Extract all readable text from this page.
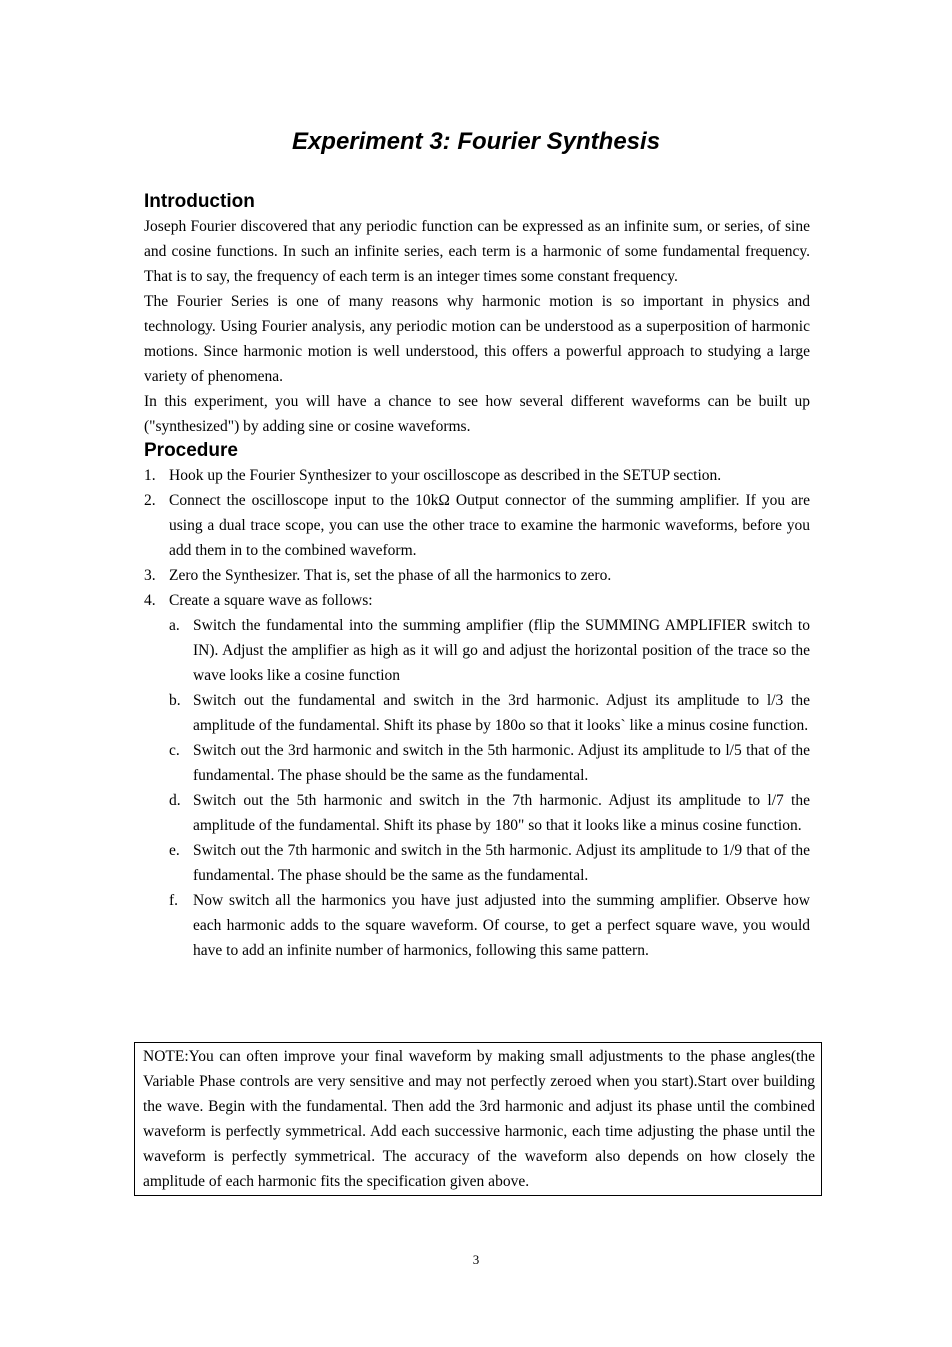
Experiment 3: Fourier Synthesis
Introduction

Joseph Fourier discovered that any periodic function can be expressed as an infinite sum, or series, of sine and cosine functions. In such an infinite series, each term is a harmonic of some fundamental frequency. That is to say, the frequency of each term is an integer times some constant frequency.

The Fourier Series is one of many reasons why harmonic motion is so important in physics and technology. Using Fourier analysis, any periodic motion can be understood as a superposition of harmonic motions. Since harmonic motion is well understood, this offers a powerful approach to studying a large variety of phenomena.

In this experiment, you will have a chance to see how several different waveforms can be built up ("synthesized") by adding sine or cosine waveforms.

Procedure
1. Hook up the Fourier Synthesizer to your oscilloscope as described in the SETUP section.
2. Connect the oscilloscope input to the 10kΩ Output connector of the summing amplifier. If you are using a dual trace scope, you can use the other trace to examine the harmonic waveforms, before you add them in to the combined waveform.
3. Zero the Synthesizer. That is, set the phase of all the harmonics to zero.
4. Create a square wave as follows:
a. Switch the fundamental into the summing amplifier (flip the SUMMING AMPLIFIER switch to IN). Adjust the amplifier as high as it will go and adjust the horizontal position of the trace so the wave looks like a cosine function
b. Switch out the fundamental and switch in the 3rd harmonic. Adjust its amplitude to l/3 the amplitude of the fundamental. Shift its phase by 180o so that it looks` like a minus cosine function.
c. Switch out the 3rd harmonic and switch in the 5th harmonic. Adjust its amplitude to l/5 that of the fundamental. The phase should be the same as the fundamental.
d. Switch out the 5th harmonic and switch in the 7th harmonic. Adjust its amplitude to l/7 the amplitude of the fundamental. Shift its phase by 180" so that it looks like a minus cosine function.
e. Switch out the 7th harmonic and switch in the 5th harmonic. Adjust its amplitude to 1/9 that of the fundamental. The phase should be the same as the fundamental.
f. Now switch all the harmonics you have just adjusted into the summing amplifier. Observe how each harmonic adds to the square waveform. Of course, to get a perfect square wave, you would have to add an infinite number of harmonics, following this same pattern.
NOTE:You can often improve your final waveform by making small adjustments to the phase angles(the Variable Phase controls are very sensitive and may not perfectly zeroed when you start).Start over building the wave. Begin with the fundamental. Then add the 3rd harmonic and adjust its phase until the combined waveform is perfectly symmetrical. Add each successive harmonic, each time adjusting the phase until the waveform is perfectly symmetrical. The accuracy of the waveform also depends on how closely the amplitude of each harmonic fits the specification given above.
3
